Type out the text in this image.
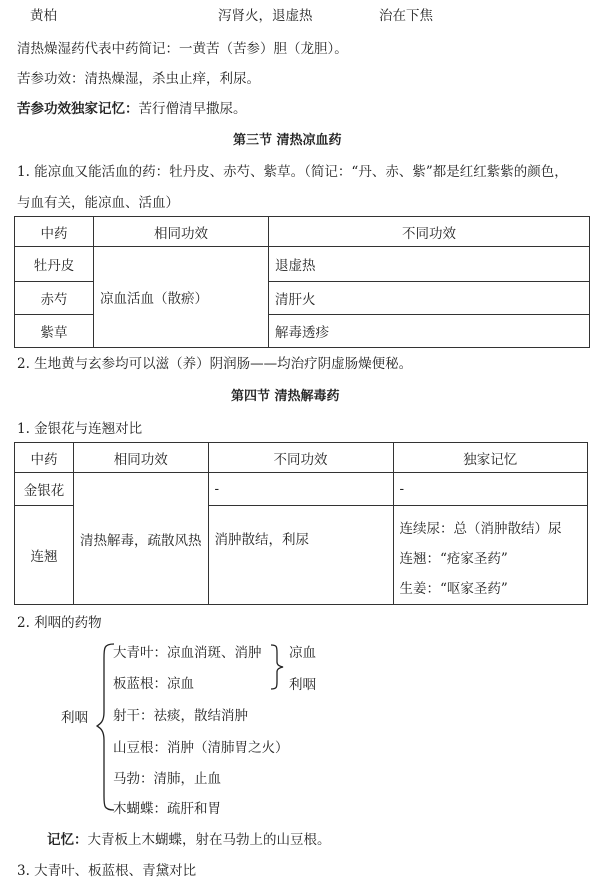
黄柏	泻肾火，退虚热	治在下焦
清热燥湿药代表中药简记：一黄苦（苦参）胆（龙胆）。
苦参功效：清热燥湿，杀虫止痒，利尿。
苦参功效独家记忆：苦行僧清早撒尿。
第三节 清热凉血药
1. 能凉血又能活血的药：牡丹皮、赤芍、紫草。（简记：“丹、赤、紫”都是红红紫紫的颜色，
与血有关，能凉血、活血）
中药	相同功效	不同功效
牡丹皮	凉血活血（散瘀）	退虚热
赤芍		清肝火
紫草		解毒透疹
2. 生地黄与玄参均可以滋（养）阴润肠——均治疗阴虚肠燥便秘。
第四节 清热解毒药
1. 金银花与连翘对比
中药	相同功效	不同功效	独家记忆
金银花	清热解毒，疏散风热	-	-
连翘		消肿散结，利尿	连续尿：总（消肿散结）尿
连翘：“疮家圣药”
生姜：“呕家圣药”
2. 利咽的药物
利咽
大青叶：凉血消斑、消肿
板蓝根：凉血
射干：祛痰，散结消肿
山豆根：消肿（清肺胃之火）
马勃：清肺，止血
木蝴蝶：疏肝和胃
凉血
利咽
记忆：大青板上木蝴蝶，射在马勃上的山豆根。
3. 大青叶、板蓝根、青黛对比
